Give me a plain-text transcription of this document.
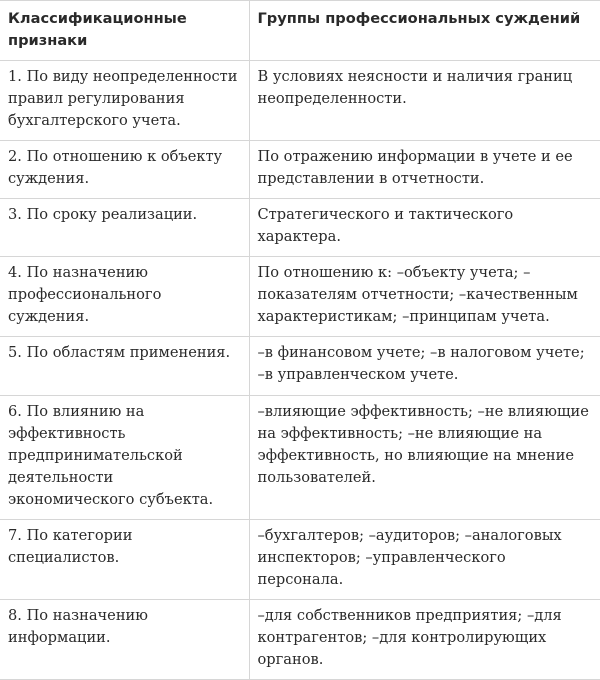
Классификационные признаки	Группы профессиональных суждений
1. По виду неопределенности правил регулирования бухгалтерского учета.	В условиях неясности и наличия границ неопределенности.
2. По отношению к объекту суждения.	По отражению информации в учете и ее представлении в отчетности.
3. По сроку реализации.	Стратегического и тактического характера.
4. По назначению профессионального суждения.	По отношению к: –объекту учета; –показателям отчетности; –качественным характеристикам; –принципам учета.
5. По областям применения.	–в финансовом учете; –в налоговом учете; –в управленческом учете.
6. По влиянию на эффективность предпринимательской деятельности экономического субъекта.	–влияющие эффективность; –не влияющие на эффективность; –не влияющие на эффективность, но влияющие на мнение пользователей.
7. По категории специалистов.	–бухгалтеров; –аудиторов; –аналоговых инспекторов; –управленческого персонала.
8. По назначению информации.	–для собственников предприятия; –для контрагентов; –для контролирующих органов.
